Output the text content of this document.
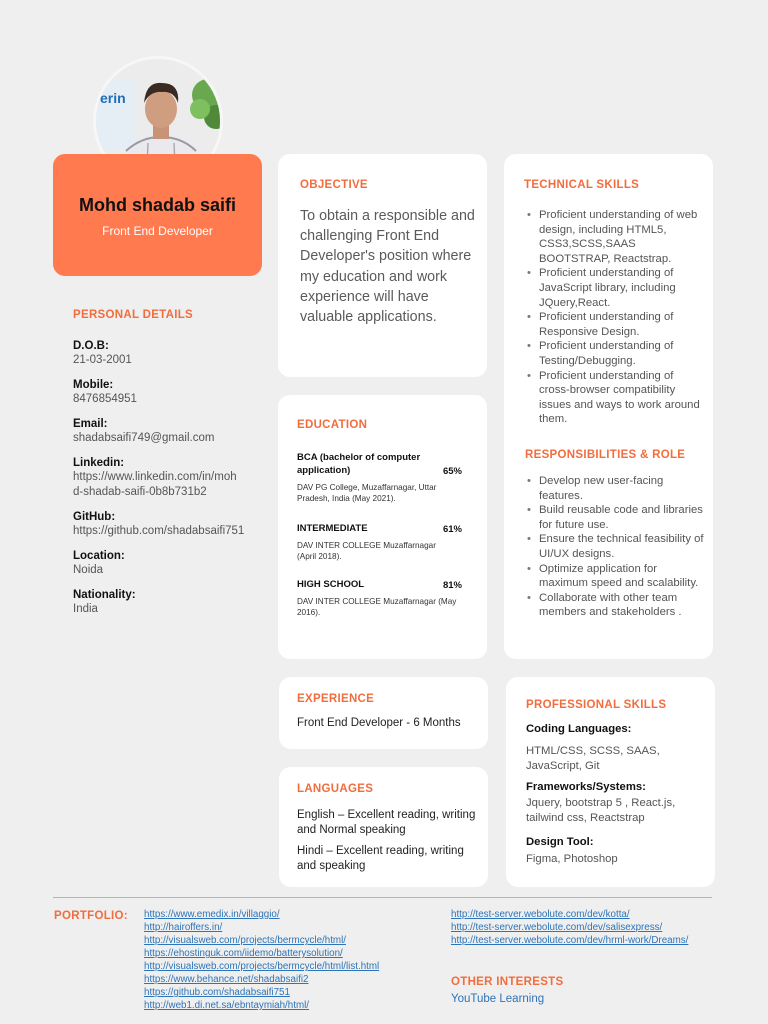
erin
Mohd shadab saifi
Front End Developer
PERSONAL DETAILS
D.O.B:
21-03-2001
Mobile:
8476854951
Email:
shadabsaifi749@gmail.com
Linkedin:
https://www.linkedin.com/in/mohd-shadab-saifi-0b8b731b2
GitHub:
https://github.com/shadabsaifi751
Location:
Noida
Nationality:
India
OBJECTIVE
To obtain a responsible and challenging Front End Developer's position where my education and work experience will have valuable applications.
EDUCATION
BCA (bachelor of computer application)	65%
DAV PG College, Muzaffarnagar, Uttar Pradesh, India (May 2021).
INTERMEDIATE	61%
DAV INTER COLLEGE Muzaffarnagar (April 2018).
HIGH SCHOOL	81%
DAV INTER COLLEGE Muzaffarnagar (May 2016).
TECHNICAL SKILLS
• Proficient understanding of web design, including HTML5, CSS3,SCSS,SAAS BOOTSTRAP, Reactstrap.
• Proficient understanding of JavaScript library, including JQuery,React.
• Proficient understanding of Responsive Design.
• Proficient understanding of Testing/Debugging.
• Proficient understanding of cross-browser compatibility issues and ways to work around them.
RESPONSIBILITIES & ROLE
• Develop new user-facing features.
• Build reusable code and libraries for future use.
• Ensure the technical feasibility of UI/UX designs.
• Optimize application for maximum speed and scalability.
• Collaborate with other team members and stakeholders .
EXPERIENCE
Front End Developer - 6 Months
LANGUAGES
English – Excellent reading, writing and Normal speaking
Hindi – Excellent reading, writing and speaking
PROFESSIONAL SKILLS
Coding Languages:
HTML/CSS, SCSS, SAAS, JavaScript, Git
Frameworks/Systems:
Jquery, bootstrap 5 , React.js, tailwind css, Reactstrap
Design Tool:
Figma, Photoshop
PORTFOLIO: https://www.emedix.in/villaggio/
http://hairoffers.in/
http://visualsweb.com/projects/bermcycle/html/
https://ehostinguk.com/iidemo/batterysolution/
http://visualsweb.com/projects/bermcycle/html/list.html
https://www.behance.net/shadabsaifi2
https://github.com/shadabsaifi751
http://web1.di.net.sa/ebntaymiah/html/
http://test-server.webolute.com/dev/kotta/
http://test-server.webolute.com/dev/salisexpress/
http://test-server.webolute.com/dev/hrml-work/Dreams/
OTHER INTERESTS
YouTube Learning
